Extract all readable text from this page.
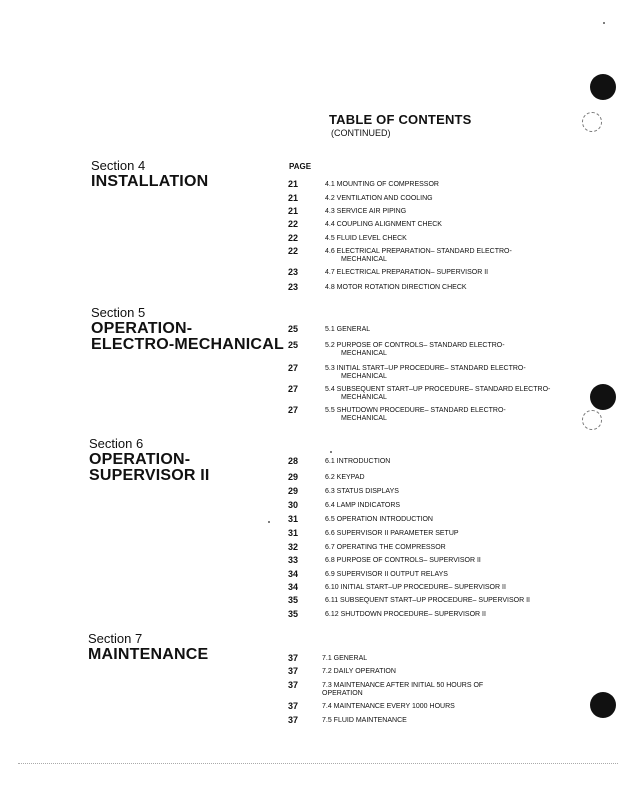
TABLE OF CONTENTS
(CONTINUED)
PAGE
Section 4
INSTALLATION	21	4.1 MOUNTING OF COMPRESSOR
21	4.2 VENTILATION AND COOLING
21	4.3 SERVICE AIR PIPING
22	4.4 COUPLING ALIGNMENT CHECK
22	4.5 FLUID LEVEL CHECK
22	4.6 ELECTRICAL PREPARATION– STANDARD ELECTRO-
MECHANICAL
23	4.7 ELECTRICAL PREPARATION– SUPERVISOR II
23	4.8 MOTOR ROTATION DIRECTION CHECK
Section 5
OPERATION-
ELECTRO-MECHANICAL
25	5.1 GENERAL
25	5.2 PURPOSE OF CONTROLS– STANDARD ELECTRO-
MECHANICAL
27	5.3 INITIAL START–UP PROCEDURE– STANDARD ELECTRO-
MECHANICAL
27	5.4 SUBSEQUENT START–UP PROCEDURE– STANDARD ELECTRO-
MECHANICAL
27	5.5 SHUTDOWN PROCEDURE– STANDARD ELECTRO-
MECHANICAL
Section 6
OPERATION-
SUPERVISOR II
28	6.1 INTRODUCTION
29	6.2 KEYPAD
29	6.3 STATUS DISPLAYS
30	6.4 LAMP INDICATORS
31	6.5 OPERATION INTRODUCTION
31	6.6 SUPERVISOR II PARAMETER SETUP
32	6.7 OPERATING THE COMPRESSOR
33	6.8 PURPOSE OF CONTROLS– SUPERVISOR II
34	6.9 SUPERVISOR II OUTPUT RELAYS
34	6.10 INITIAL START–UP PROCEDURE– SUPERVISOR II
35	6.11 SUBSEQUENT START–UP PROCEDURE– SUPERVISOR II
35	6.12 SHUTDOWN PROCEDURE– SUPERVISOR II
Section 7
MAINTENANCE	37	7.1 GENERAL
37	7.2 DAILY OPERATION
37	7.3 MAINTENANCE AFTER INITIAL 50 HOURS OF
OPERATION
37	7.4 MAINTENANCE EVERY 1000 HOURS
37	7.5 FLUID MAINTENANCE
